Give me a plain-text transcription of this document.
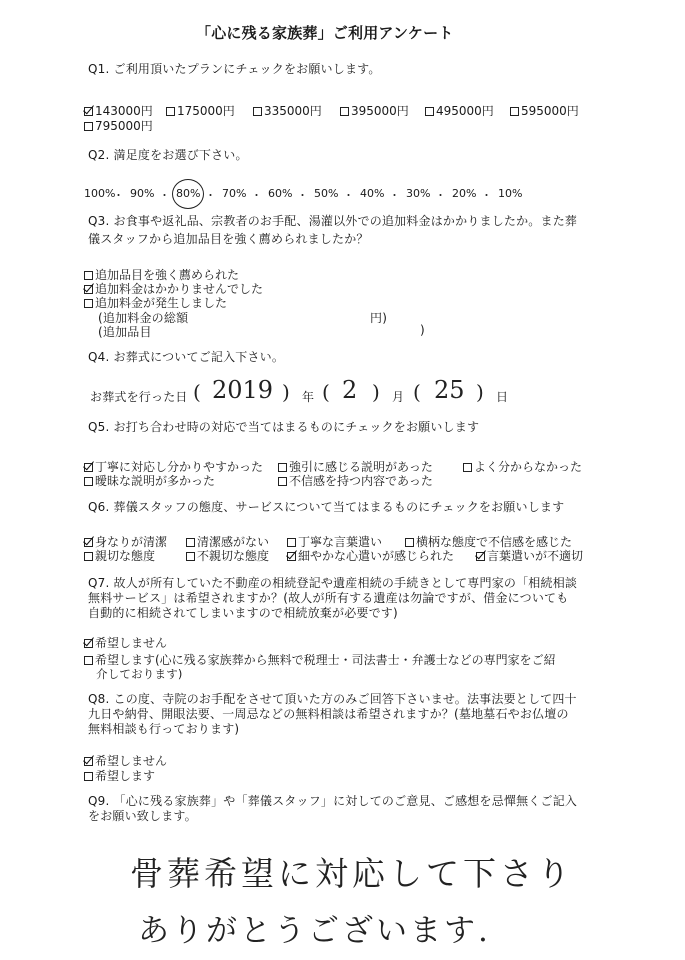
「心に残る家族葬」ご利用アンケート
Q1. ご利用頂いたプランにチェックをお願いします。
143000円	175000円	335000円	395000円	495000円	595000円
795000円
Q2. 満足度をお選び下さい。
100%
・ 90% ・ 80% ・ 70% ・ 60% ・ 50% ・ 40% ・ 30% ・ 20% ・ 10%
Q3. お食事や返礼品、宗教者のお手配、湯灌以外での追加料金はかかりましたか。また葬
儀スタッフから追加品目を強く薦められましたか？
追加品目を強く薦められた
追加料金はかかりませんでした
追加料金が発生しました
(追加料金の総額	円)
(追加品目	)
Q4. お葬式についてご記入下さい。
お葬式を行った日 ( 2019 ) 年 ( 2 ) 月 ( 25 ) 日
Q5. お打ち合わせ時の対応で当てはまるものにチェックをお願いします
丁寧に対応し分かりやすかった	強引に感じる説明があった	よく分からなかった
曖昧な説明が多かった	不信感を持つ内容であった
Q6. 葬儀スタッフの態度、サービスについて当てはまるものにチェックをお願いします
身なりが清潔	清潔感がない	丁寧な言葉遣い	横柄な態度で不信感を感じた
親切な態度	不親切な態度	細やかな心遣いが感じられた	言葉遣いが不適切
Q7. 故人が所有していた不動産の相続登記や遺産相続の手続きとして専門家の「相続相談
無料サービス」は希望されますか？(故人が所有する遺産は勿論ですが、借金についても
自動的に相続されてしまいますので相続放棄が必要です)
希望しません
希望します(心に残る家族葬から無料で税理士・司法書士・弁護士などの専門家をご紹
介しております)
Q8. この度、寺院のお手配をさせて頂いた方のみご回答下さいませ。法事法要として四十
九日や納骨、開眼法要、一周忌などの無料相談は希望されますか？(墓地墓石やお仏壇の
無料相談も行っております)
希望しません
希望します
Q9. 「心に残る家族葬」や「葬儀スタッフ」に対してのご意見、ご感想を忌憚無くご記入
をお願い致します。
骨葬希望に対応して下さり
ありがとうございます.
